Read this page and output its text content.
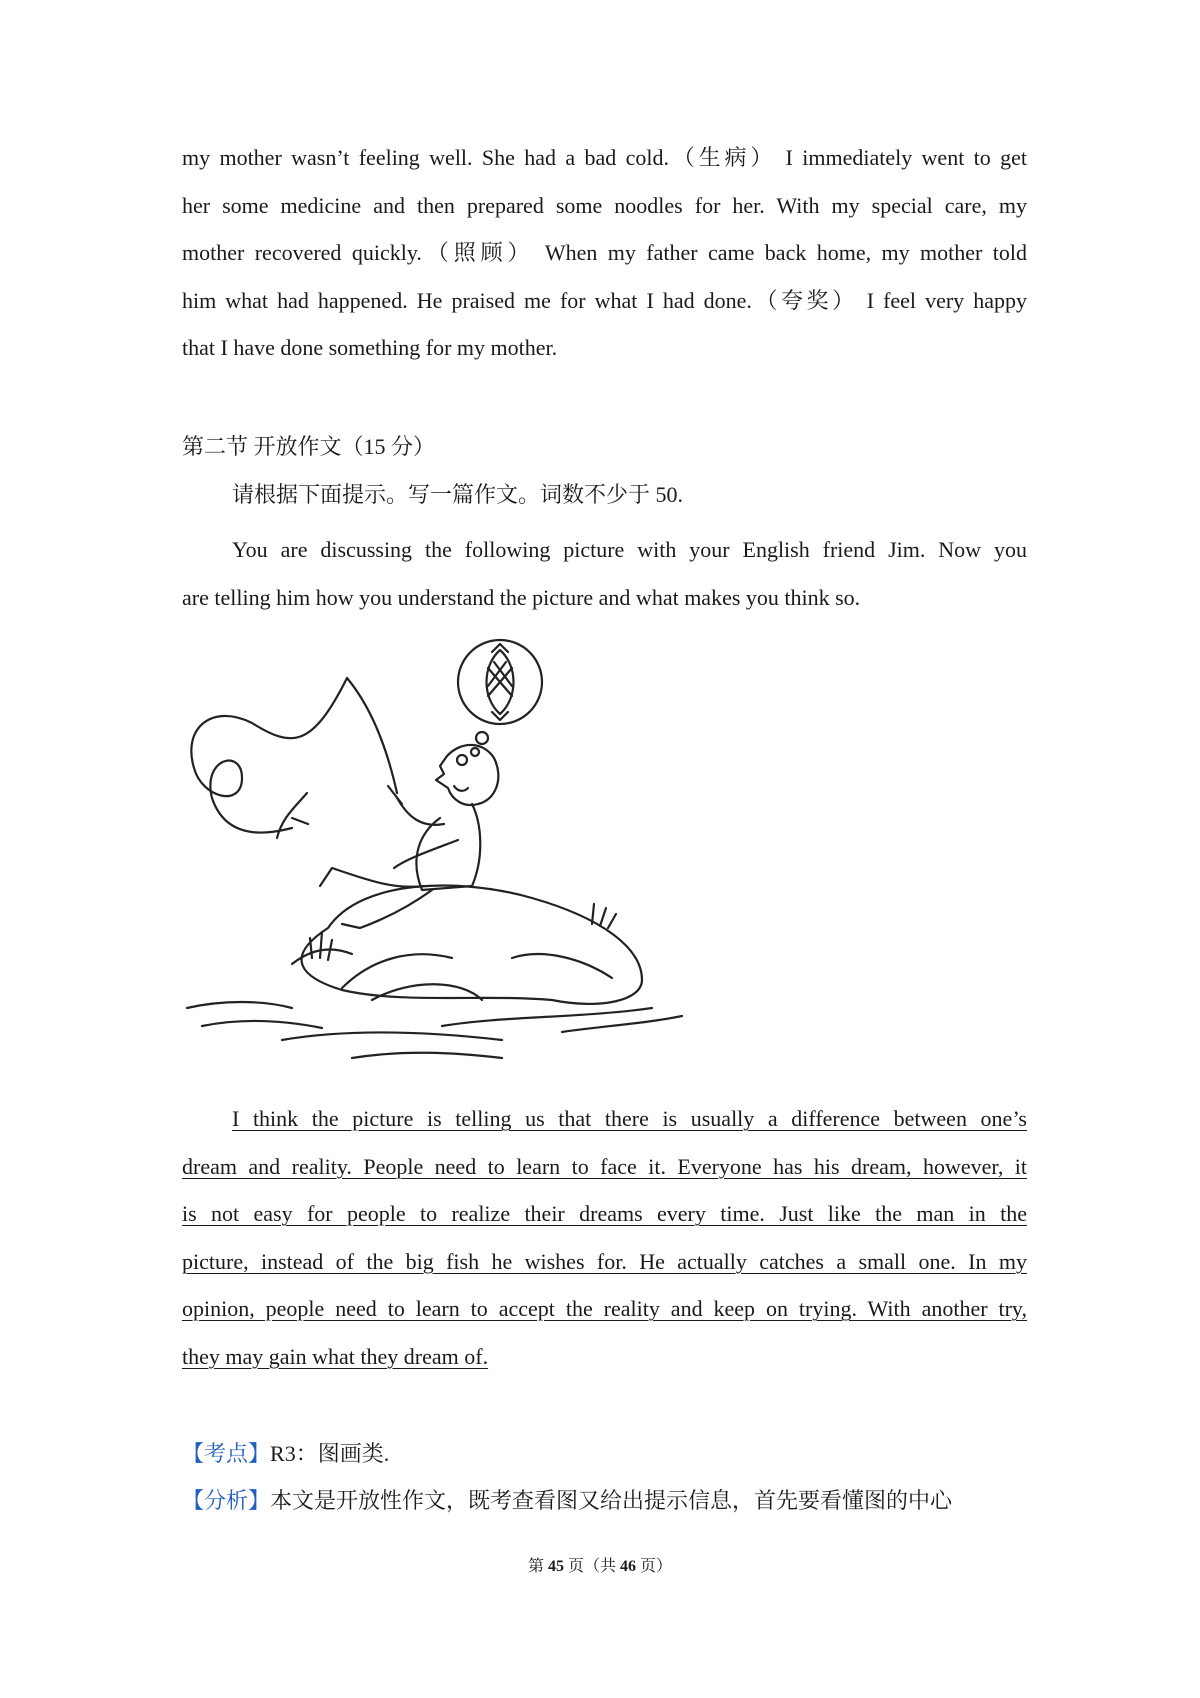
my mother wasn’t feeling well. She had a bad cold.（生病） I immediately went to get
her some medicine and then prepared some noodles for her. With my special care, my
mother recovered quickly.（照顾） When my father came back home, my mother told
him what had happened. He praised me for what I had done.（夸奖） I feel very happy
that I have done something for my mother.
第二节 开放作文（15 分）
请根据下面提示。写一篇作文。词数不少于 50.
You are discussing the following picture with your English friend Jim. Now you
are telling him how you understand the picture and what makes you think so.
I think the picture is telling us that there is usually a difference between one’s
dream and reality. People need to learn to face it. Everyone has his dream, however, it
is not easy for people to realize their dreams every time. Just like the man in the
picture, instead of the big fish he wishes for. He actually catches a small one. In my
opinion, people need to learn to accept the reality and keep on trying. With another try,
they may gain what they dream of.
【考点】R3：图画类.
【分析】本文是开放性作文，既考查看图又给出提示信息，首先要看懂图的中心
第 45 页（共 46 页）
